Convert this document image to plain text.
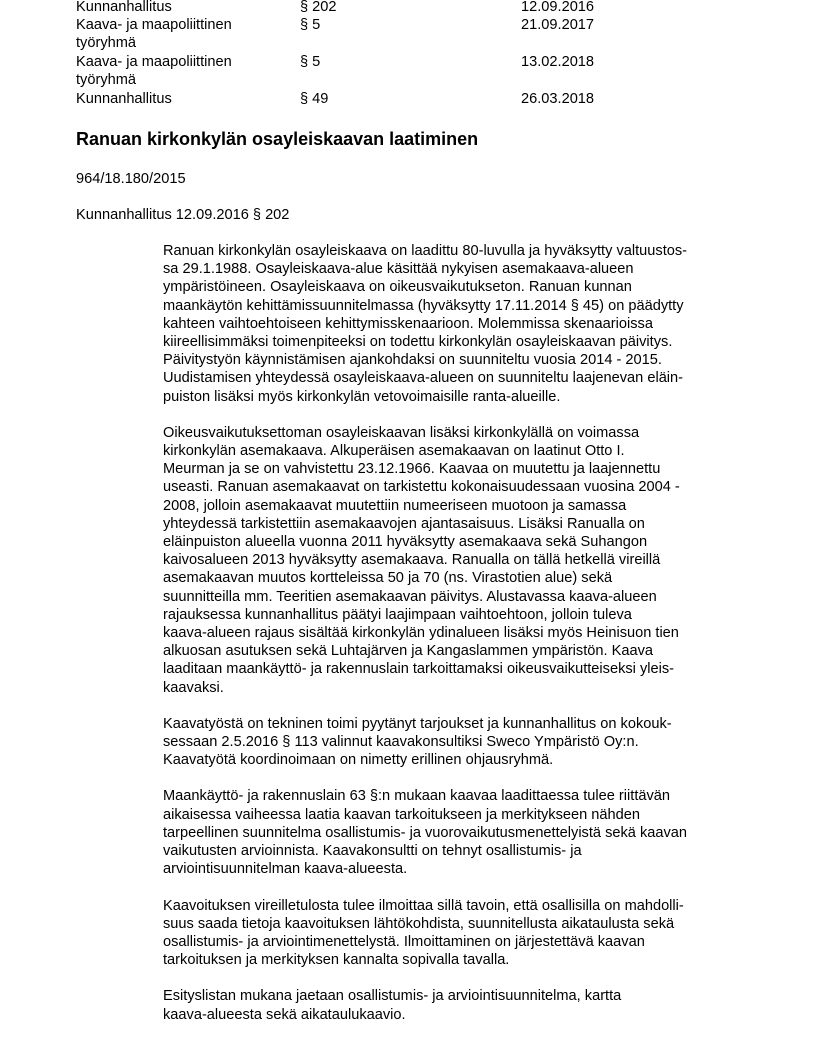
Kunnanhallitus	§ 202	12.09.2016
Kaava- ja maapoliittinen
työryhmä
§ 5	21.09.2017
Kaava- ja maapoliittinen
työryhmä
§ 5	13.02.2018
Kunnanhallitus	§ 49	26.03.2018
Ranuan kirkonkylän osayleiskaavan laatiminen
964/18.180/2015
Kunnanhallitus 12.09.2016 § 202
Ranuan kirkonkylän osayleiskaava on laadittu 80-luvulla ja hyväksytty valtuustos-
sa 29.1.1988. Osayleiskaava-alue käsittää nykyisen asemakaava-alueen
ympäristöineen. Osayleiskaava on oikeusvaikutukseton. Ranuan kunnan
maankäytön kehittämissuunnitelmassa (hyväksytty 17.11.2014 § 45) on päädytty
kahteen vaihtoehtoiseen kehittymisskenaarioon. Molemmissa skenaarioissa
kiireellisimmäksi toimenpiteeksi on todettu kirkonkylän osayleiskaavan päivitys.
Päivitystyön käynnistämisen ajankohdaksi on suunniteltu vuosia 2014 - 2015.
Uudistamisen yhteydessä osayleiskaava-alueen on suunniteltu laajenevan eläin-
puiston lisäksi myös kirkonkylän vetovoimaisille ranta-alueille.
Oikeusvaikutuksettoman osayleiskaavan lisäksi kirkonkylällä on voimassa
kirkonkylän asemakaava. Alkuperäisen asemakaavan on laatinut Otto I.
Meurman ja se on vahvistettu 23.12.1966. Kaavaa on muutettu ja laajennettu
useasti. Ranuan asemakaavat on tarkistettu kokonaisuudessaan vuosina 2004 -
2008, jolloin asemakaavat muutettiin numeeriseen muotoon ja samassa
yhteydessä tarkistettiin asemakaavojen ajantasaisuus. Lisäksi Ranualla on
eläinpuiston alueella vuonna 2011 hyväksytty asemakaava sekä Suhangon
kaivosalueen 2013 hyväksytty asemakaava. Ranualla on tällä hetkellä vireillä
asemakaavan muutos kortteleissa 50 ja 70 (ns. Virastotien alue) sekä
suunnitteilla mm. Teeritien asemakaavan päivitys. Alustavassa kaava-alueen
rajauksessa kunnanhallitus päätyi laajimpaan vaihtoehtoon, jolloin tuleva
kaava-alueen rajaus sisältää kirkonkylän ydinalueen lisäksi myös Heinisuon tien
alkuosan asutuksen sekä Luhtajärven ja Kangaslammen ympäristön. Kaava
laaditaan maankäyttö- ja rakennuslain tarkoittamaksi oikeusvaikutteiseksi yleis-
kaavaksi.
Kaavatyöstä on tekninen toimi pyytänyt tarjoukset ja kunnanhallitus on kokouk-
sessaan 2.5.2016 § 113 valinnut kaavakonsultiksi Sweco Ympäristö Oy:n.
Kaavatyötä koordinoimaan on nimetty erillinen ohjausryhmä.
Maankäyttö- ja rakennuslain 63 §:n mukaan kaavaa laadittaessa tulee riittävän
aikaisessa vaiheessa laatia kaavan tarkoitukseen ja merkitykseen nähden
tarpeellinen suunnitelma osallistumis- ja vuorovaikutusmenettelyistä sekä kaavan
vaikutusten arvioinnista. Kaavakonsultti on tehnyt osallistumis- ja
arviointisuunnitelman kaava-alueesta.
Kaavoituksen vireilletulosta tulee ilmoittaa sillä tavoin, että osallisilla on mahdolli-
suus saada tietoja kaavoituksen lähtökohdista, suunnitellusta aikataulusta sekä
osallistumis- ja arviointimenettelystä. Ilmoittaminen on järjestettävä kaavan
tarkoituksen ja merkityksen kannalta sopivalla tavalla.
Esityslistan mukana jaetaan osallistumis- ja arviointisuunnitelma, kartta
kaava-alueesta sekä aikataulukaavio.
